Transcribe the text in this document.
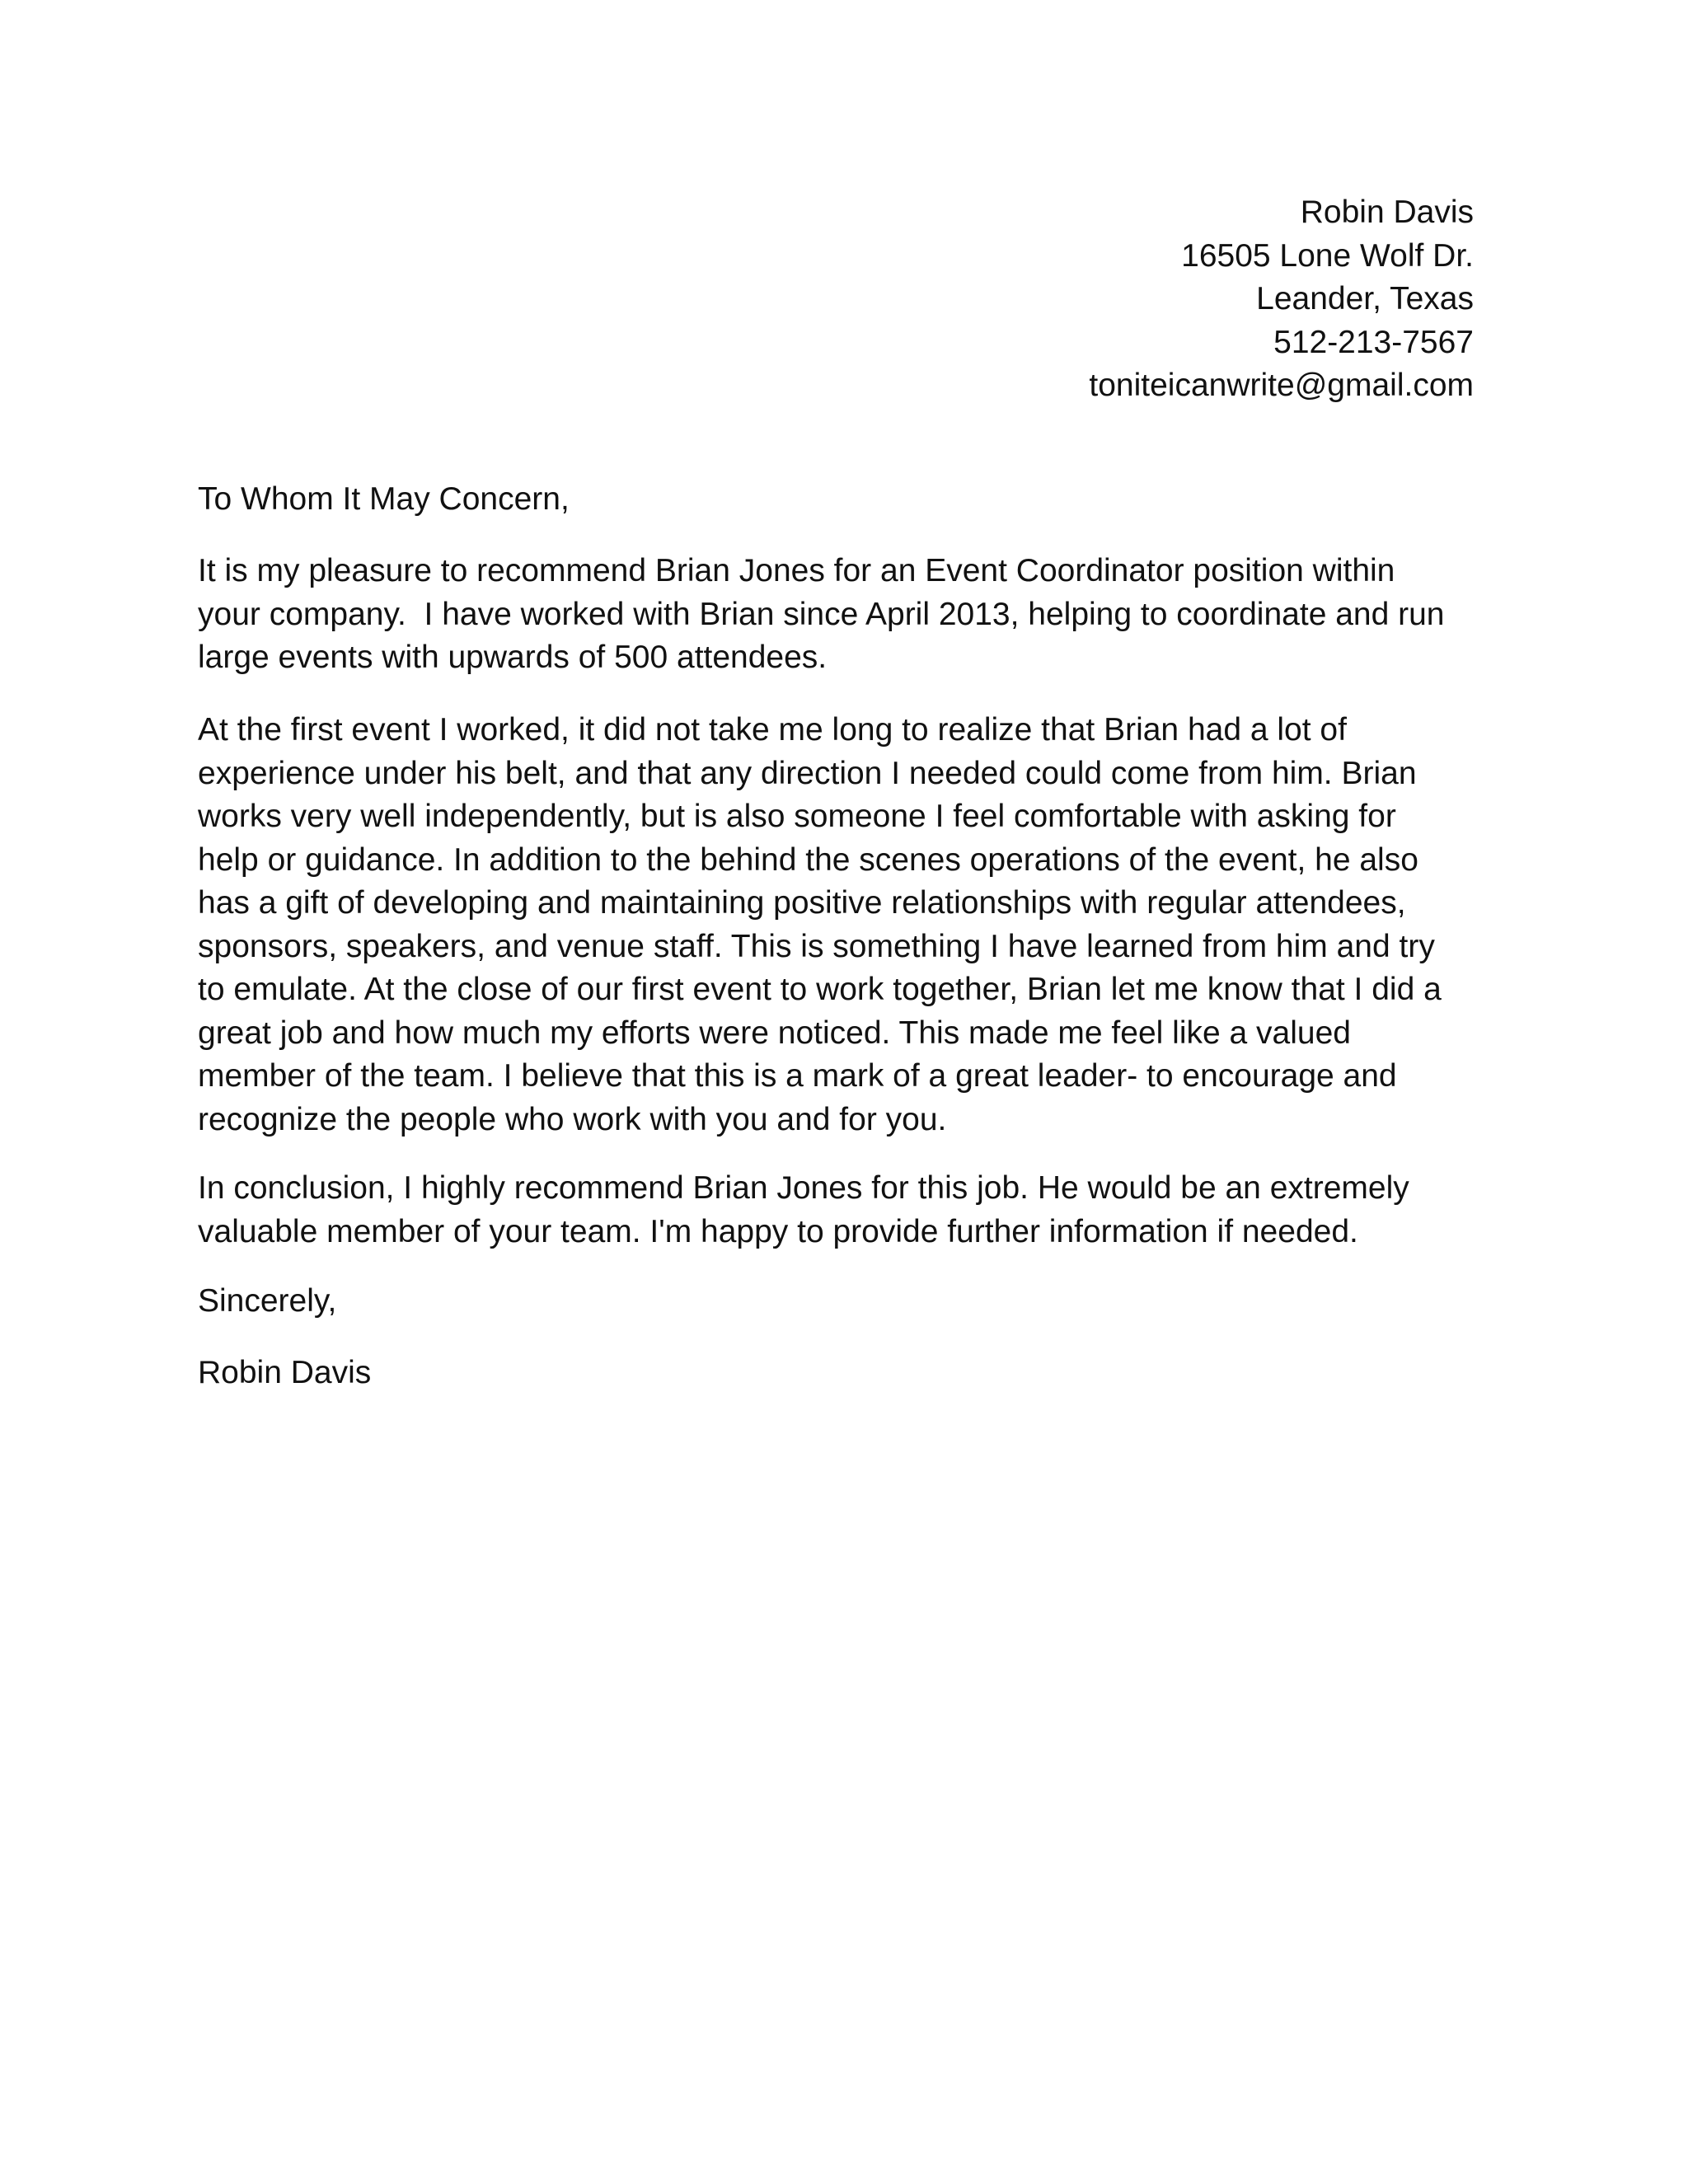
Robin Davis
16505 Lone Wolf Dr.
Leander, Texas
512-213-7567
toniteicanwrite@gmail.com
To Whom It May Concern,
It is my pleasure to recommend Brian Jones for an Event Coordinator position within
your company.  I have worked with Brian since April 2013, helping to coordinate and run
large events with upwards of 500 attendees.
At the first event I worked, it did not take me long to realize that Brian had a lot of
experience under his belt, and that any direction I needed could come from him. Brian
works very well independently, but is also someone I feel comfortable with asking for
help or guidance. In addition to the behind the scenes operations of the event, he also
has a gift of developing and maintaining positive relationships with regular attendees,
sponsors, speakers, and venue staff. This is something I have learned from him and try
to emulate. At the close of our first event to work together, Brian let me know that I did a
great job and how much my efforts were noticed. This made me feel like a valued
member of the team. I believe that this is a mark of a great leader- to encourage and
recognize the people who work with you and for you.
In conclusion, I highly recommend Brian Jones for this job. He would be an extremely
valuable member of your team. I'm happy to provide further information if needed.
Sincerely,
Robin Davis
